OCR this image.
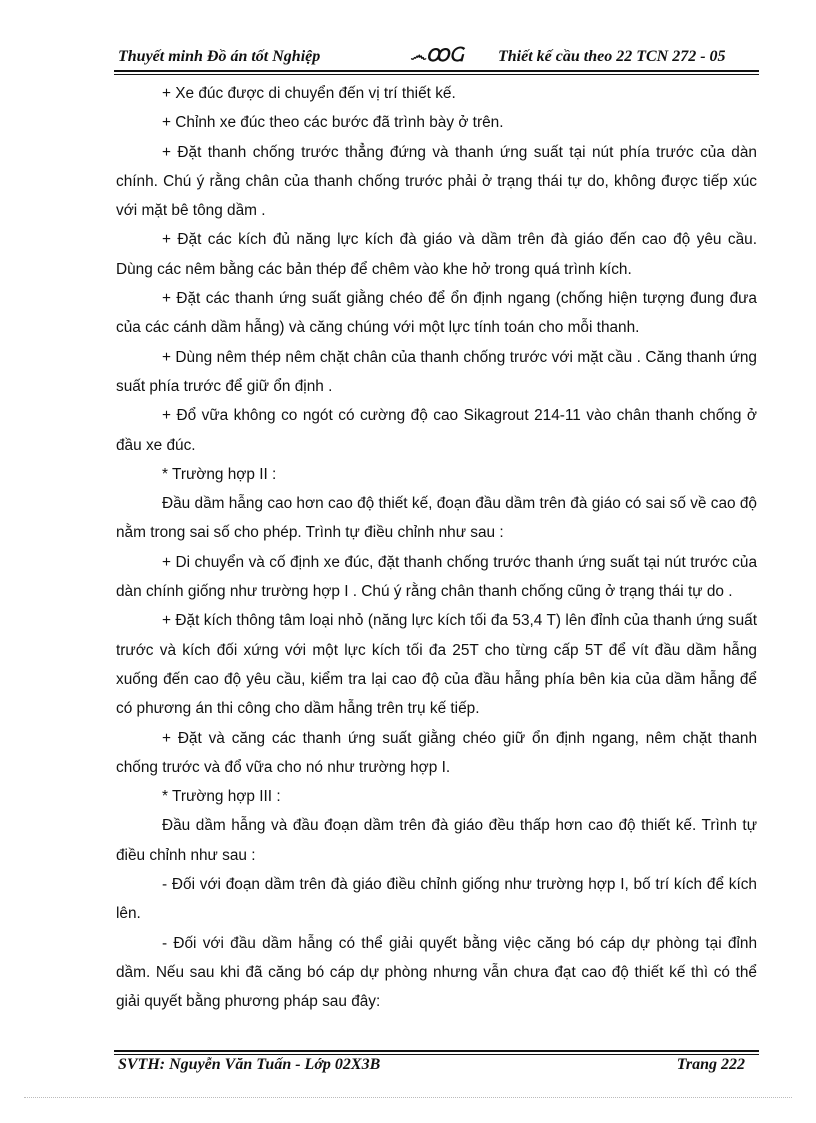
Thuyết minh Đồ án tốt Nghiệp	෴ꝎႺ Thiết kế cầu theo 22 TCN 272 - 05

+ Xe đúc được di chuyển đến vị trí thiết kế.

+ Chỉnh xe đúc theo các bước đã trình bày ở trên.

+ Đặt thanh chống trước thẳng đứng và thanh ứng suất tại nút phía trước của dàn chính. Chú ý rằng chân của thanh chống trước phải ở trạng thái tự do, không được tiếp xúc với mặt bê tông dầm .

+ Đặt các kích đủ năng lực kích đà giáo và dầm trên đà giáo đến cao độ yêu cầu. Dùng các nêm bằng các bản thép để chêm vào khe hở trong quá trình kích.

+ Đặt các thanh ứng suất giằng chéo để ổn định ngang (chống hiện tượng đung đưa của các cánh dầm hẫng) và căng chúng với một lực tính toán cho mỗi thanh.

+ Dùng nêm thép nêm chặt chân của thanh chống trước với mặt cầu . Căng thanh ứng suất phía trước để giữ ổn định .

+ Đổ vữa không co ngót có cường độ cao Sikagrout 214-11 vào chân thanh chống ở đầu xe đúc.

* Trường hợp II :

Đầu dầm hẫng cao hơn cao độ thiết kế, đoạn đầu dầm trên đà giáo có sai số về cao độ nằm trong sai số cho phép. Trình tự điều chỉnh như sau :

+ Di chuyển và cố định xe đúc, đặt thanh chống trước thanh ứng suất tại nút trước của dàn chính giống như trường hợp I . Chú ý rằng chân thanh chống cũng ở trạng thái tự do .

+ Đặt kích thông tâm loại nhỏ (năng lực kích tối đa 53,4 T) lên đỉnh của thanh ứng suất trước và kích đối xứng với một lực kích tối đa 25T cho từng cấp 5T để vít đầu dầm hẫng xuống đến cao độ yêu cầu, kiểm tra lại cao độ của đầu hẫng phía bên kia của dầm hẫng để có phương án thi công cho dầm hẫng trên trụ kế tiếp.

+ Đặt và căng các thanh ứng suất giằng chéo giữ ổn định ngang, nêm chặt thanh chống trước và đổ vữa cho nó như trường hợp I.

* Trường hợp III :

Đầu dầm hẫng và đầu đoạn dầm trên đà giáo đều thấp hơn cao độ thiết kế. Trình tự điều chỉnh như sau :

- Đối với đoạn dầm trên đà giáo điều chỉnh giống như trường hợp I, bố trí kích để kích lên.

- Đối với đầu dầm hẫng có thể giải quyết bằng việc căng bó cáp dự phòng tại đỉnh dầm. Nếu sau khi đã căng bó cáp dự phòng nhưng vẫn chưa đạt cao độ thiết kế thì có thể giải quyết bằng phương pháp sau đây:

SVTH: Nguyễn Văn Tuấn - Lớp 02X3B	Trang 222
